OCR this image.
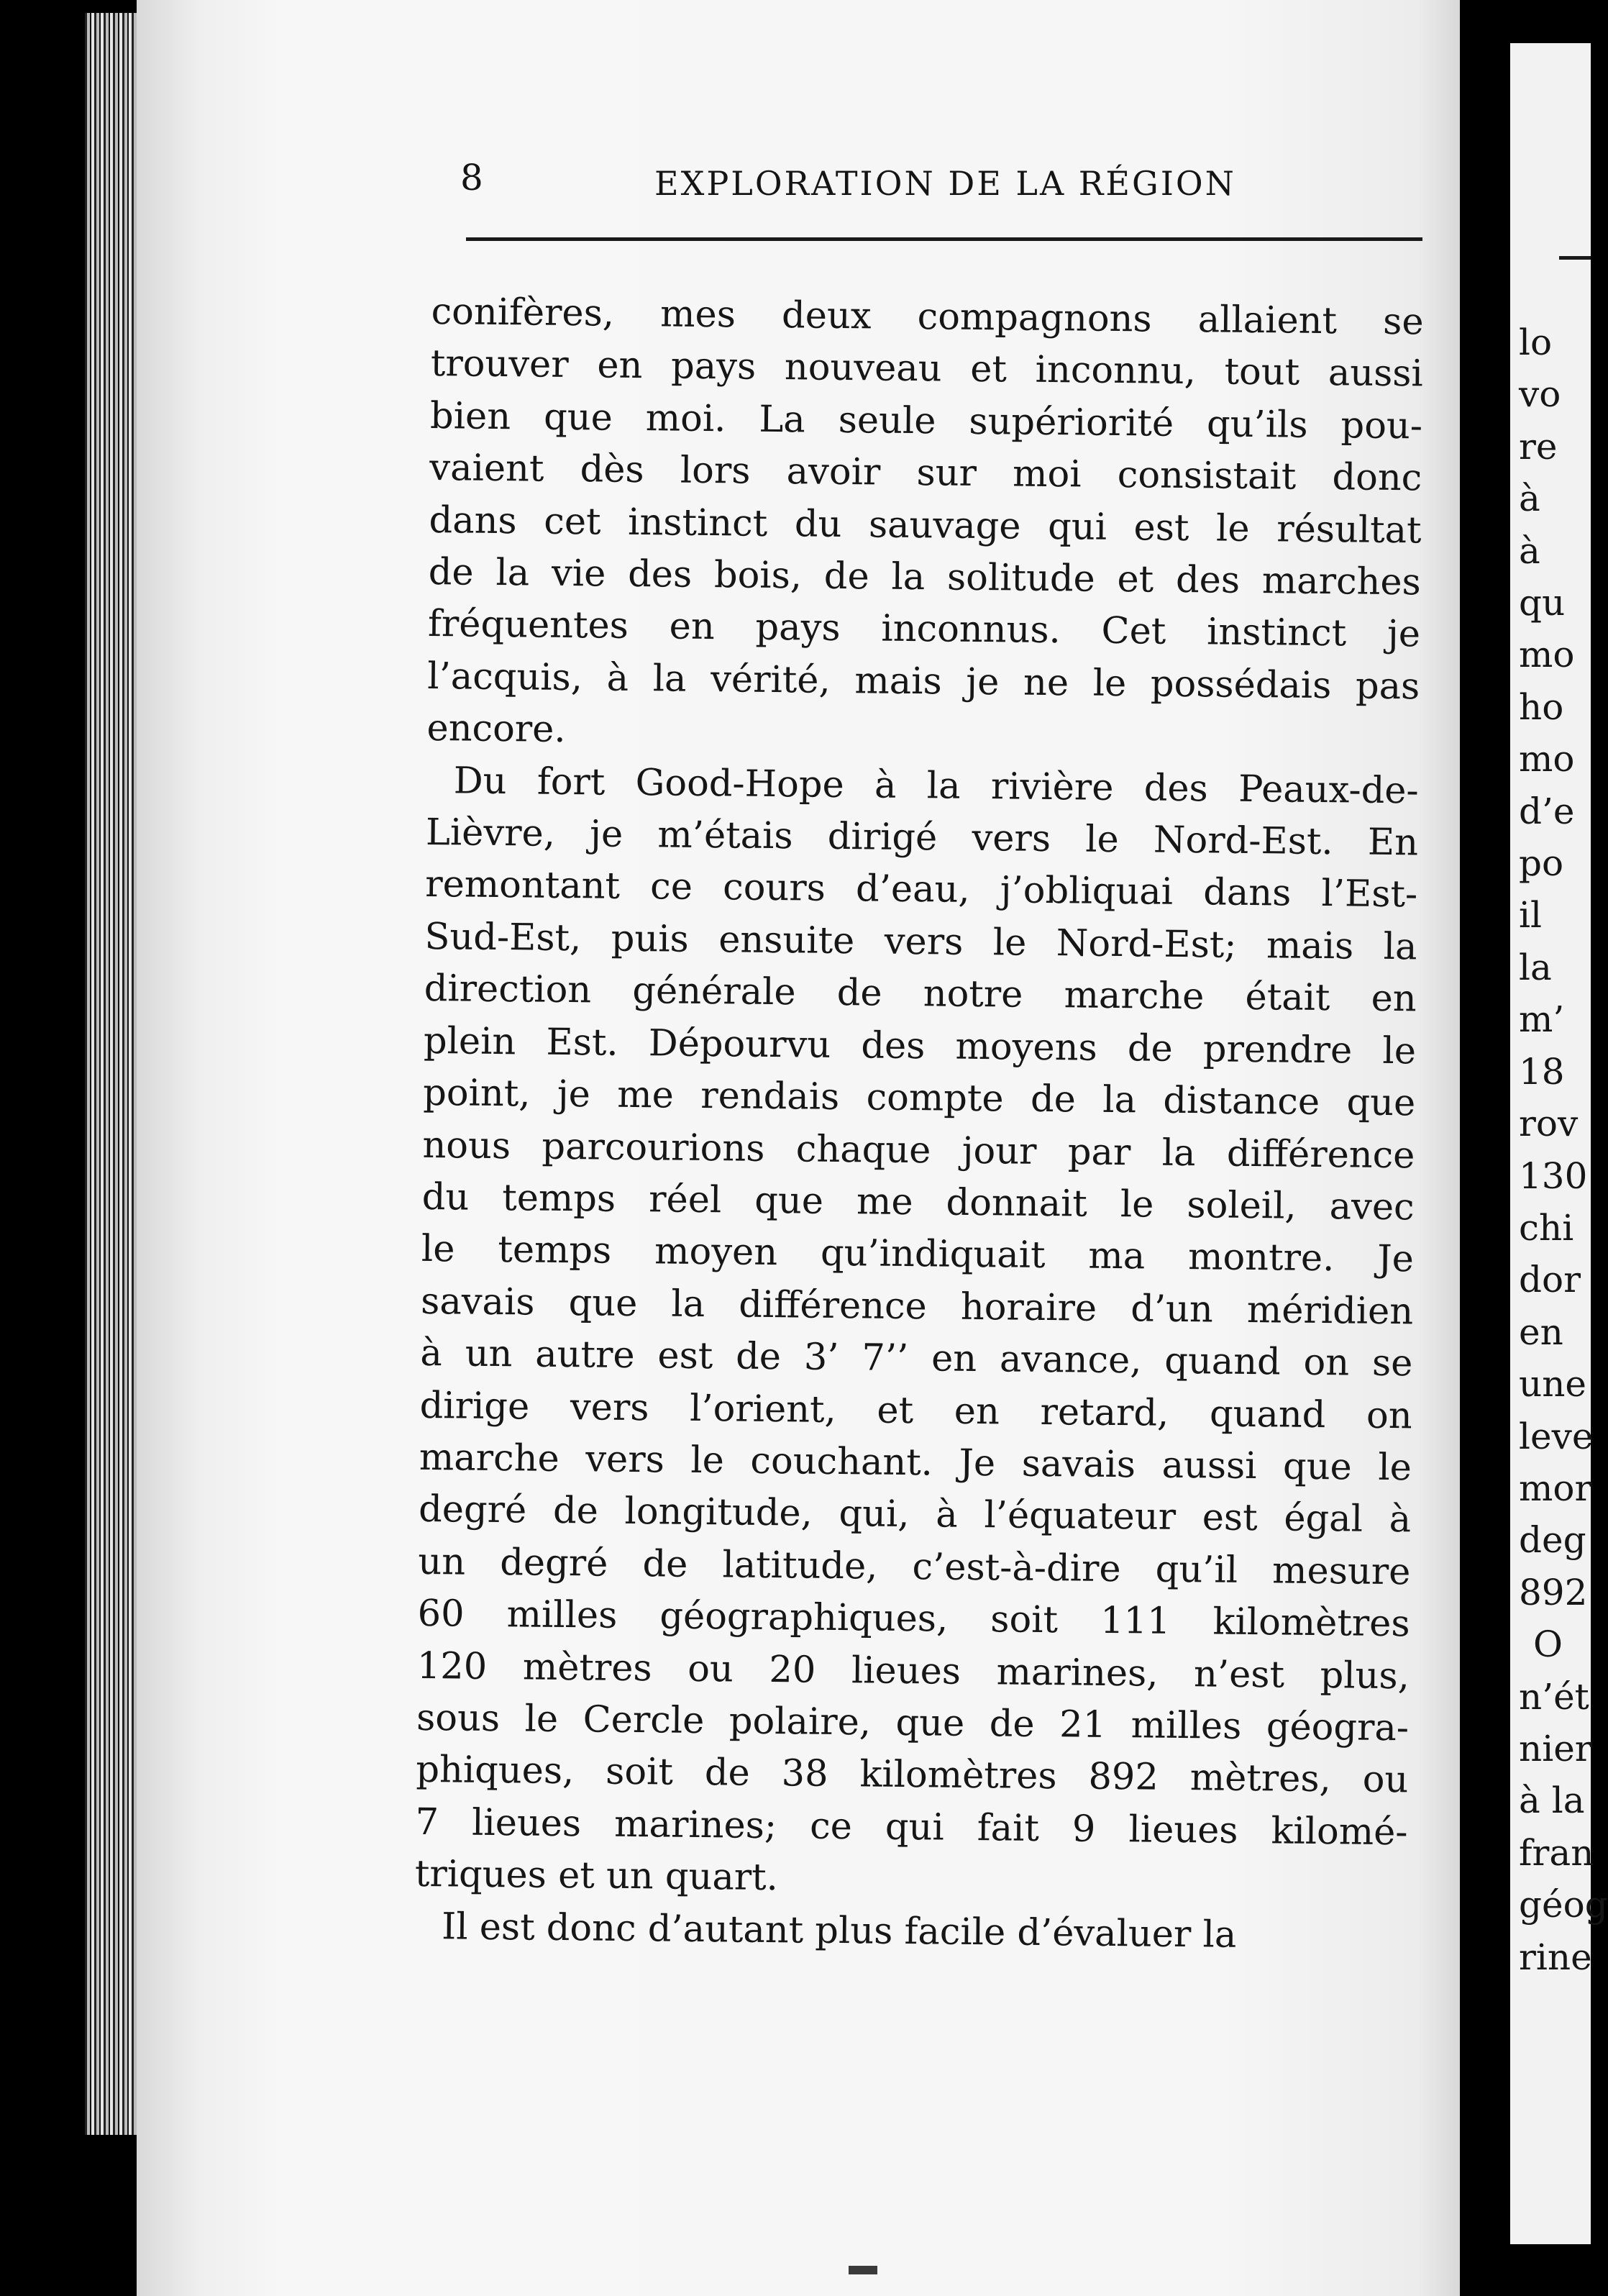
8	EXPLORATION DE LA RÉGION

conifères, mes deux compagnons allaient se
trouver en pays nouveau et inconnu, tout aussi
bien que moi. La seule supériorité qu’ils pou-
vaient dès lors avoir sur moi consistait donc
dans cet instinct du sauvage qui est le résultat
de la vie des bois, de la solitude et des marches
fréquentes en pays inconnus. Cet instinct je
l’acquis, à la vérité, mais je ne le possédais pas
encore.

Du fort Good-Hope à la rivière des Peaux-de-
Lièvre, je m’étais dirigé vers le Nord-Est. En
remontant ce cours d’eau, j’obliquai dans l’Est-
Sud-Est, puis ensuite vers le Nord-Est; mais la
direction générale de notre marche était en
plein Est. Dépourvu des moyens de prendre le
point, je me rendais compte de la distance que
nous parcourions chaque jour par la différence
du temps réel que me donnait le soleil, avec
le temps moyen qu’indiquait ma montre. Je
savais que la différence horaire d’un méridien
à un autre est de 3’ 7’’ en avance, quand on se
dirige vers l’orient, et en retard, quand on
marche vers le couchant. Je savais aussi que le
degré de longitude, qui, à l’équateur est égal à
un degré de latitude, c’est-à-dire qu’il mesure
60 milles géographiques, soit 111 kilomètres
120 mètres ou 20 lieues marines, n’est plus,
sous le Cercle polaire, que de 21 milles géogra-
phiques, soit de 38 kilomètres 892 mètres, ou
7 lieues marines; ce qui fait 9 lieues kilomé-
triques et un quart.

Il est donc d’autant plus facile d’évaluer la

lo
vo
re
à
à
qu
mo
ho
mo
d’e
po
il
la
m’
18
rov
130
chi
dor
en
une
leve
mor
deg
892
O
n’ét
nier
à la
fran
géog
rine
